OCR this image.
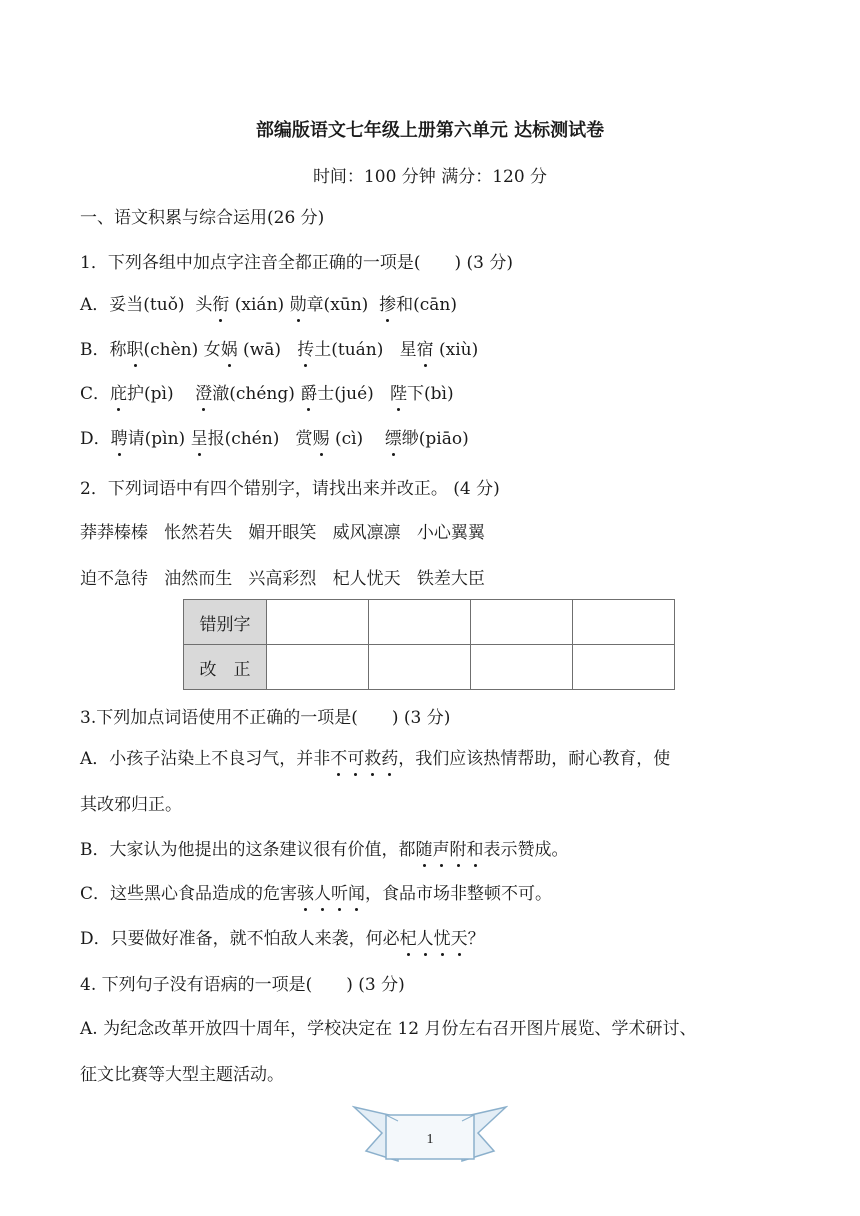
部编版语文七年级上册第六单元 达标测试卷
时间：100 分钟 满分：120 分
一、语文积累与综合运用(26 分)
1．下列各组中加点字注音全都正确的一项是(　　) (3 分)
A．妥当(tuǒ)  头衔 (xián) 勋章(xūn)  掺和(cān)
B．称职(chèn) 女娲 (wā)   抟土(tuán)   星宿 (xiù)
C．庇护(pì)    澄澈(chéng) 爵士(jué)   陛下(bì)
D．聘请(pìn) 呈报(chén)   赏赐 (cì)    缥缈(piāo)
2．下列词语中有四个错别字，请找出来并改正。 (4 分)
莽莽榛榛   怅然若失   媚开眼笑   威风凛凛   小心翼翼
迫不急待   油然而生   兴高彩烈   杞人忧天   铁差大臣
错别字				
改　正				
3.下列加点词语使用不正确的一项是(　　) (3 分)
A．小孩子沾染上不良习气，并非不可救药，我们应该热情帮助，耐心教育，使
其改邪归正。
B．大家认为他提出的这条建议很有价值，都随声附和表示赞成。
C．这些黑心食品造成的危害骇人听闻，食品市场非整顿不可。
D．只要做好准备，就不怕敌人来袭，何必杞人忧天？
4. 下列句子没有语病的一项是(　　) (3 分)
A. 为纪念改革开放四十周年，学校决定在 12 月份左右召开图片展览、学术研讨、
征文比赛等大型主题活动。
1
